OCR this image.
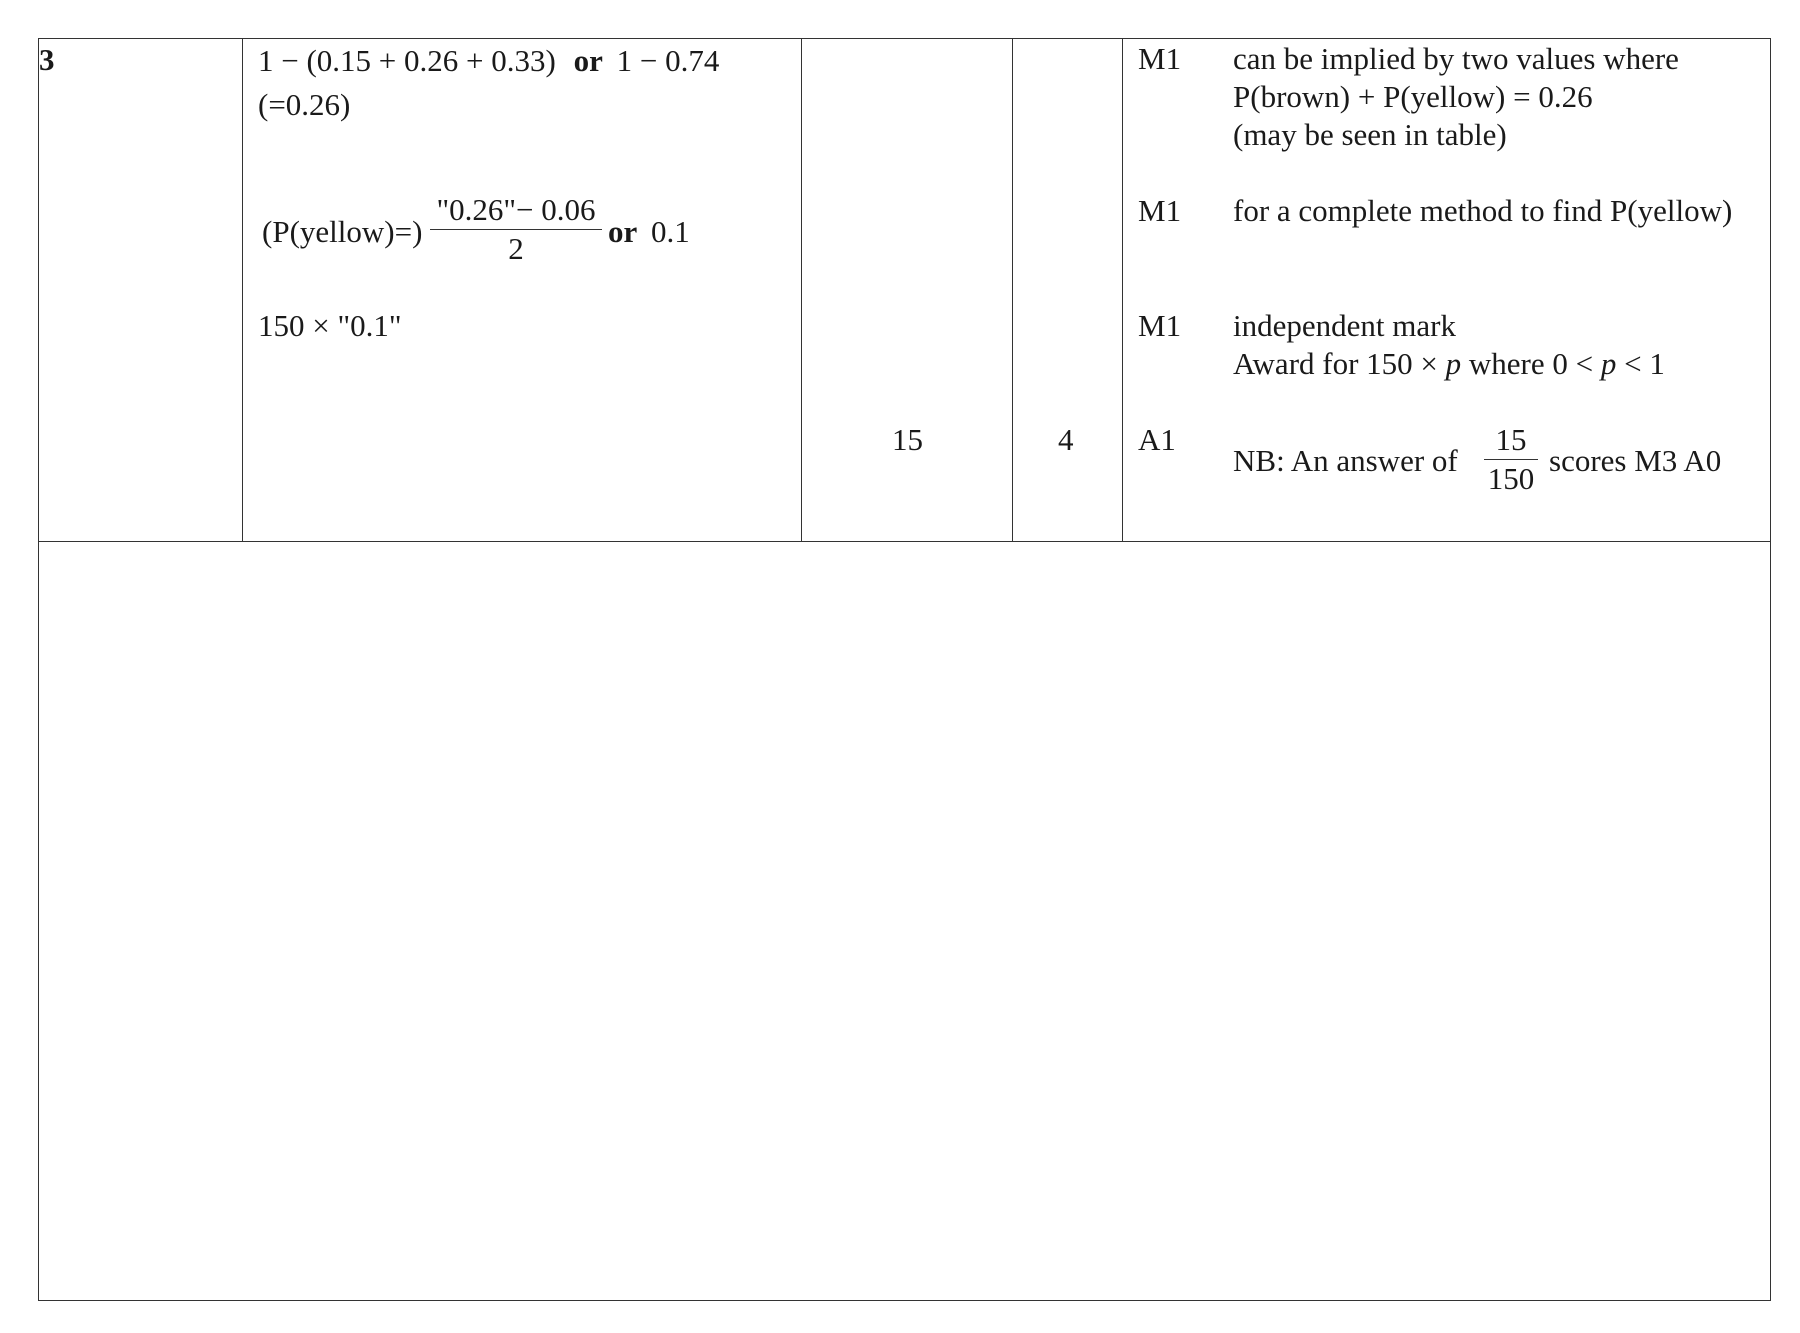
3	1 − (0.15 + 0.26 + 0.33) or 1 − 0.74
(=0.26)
(P(yellow)=) $\frac{"0.26"- 0.06}{2}$ or 0.1
150 × "0.1"
15	4
M1
M1
M1
A1
can be implied by two values where
P(brown) + P(yellow) = 0.26
(may be seen in table)
for a complete method to find P(yellow)
independent mark
Award for 150 × p where 0 < p < 1
NB: An answer of $\frac{15}{150}$ scores M3 A0
